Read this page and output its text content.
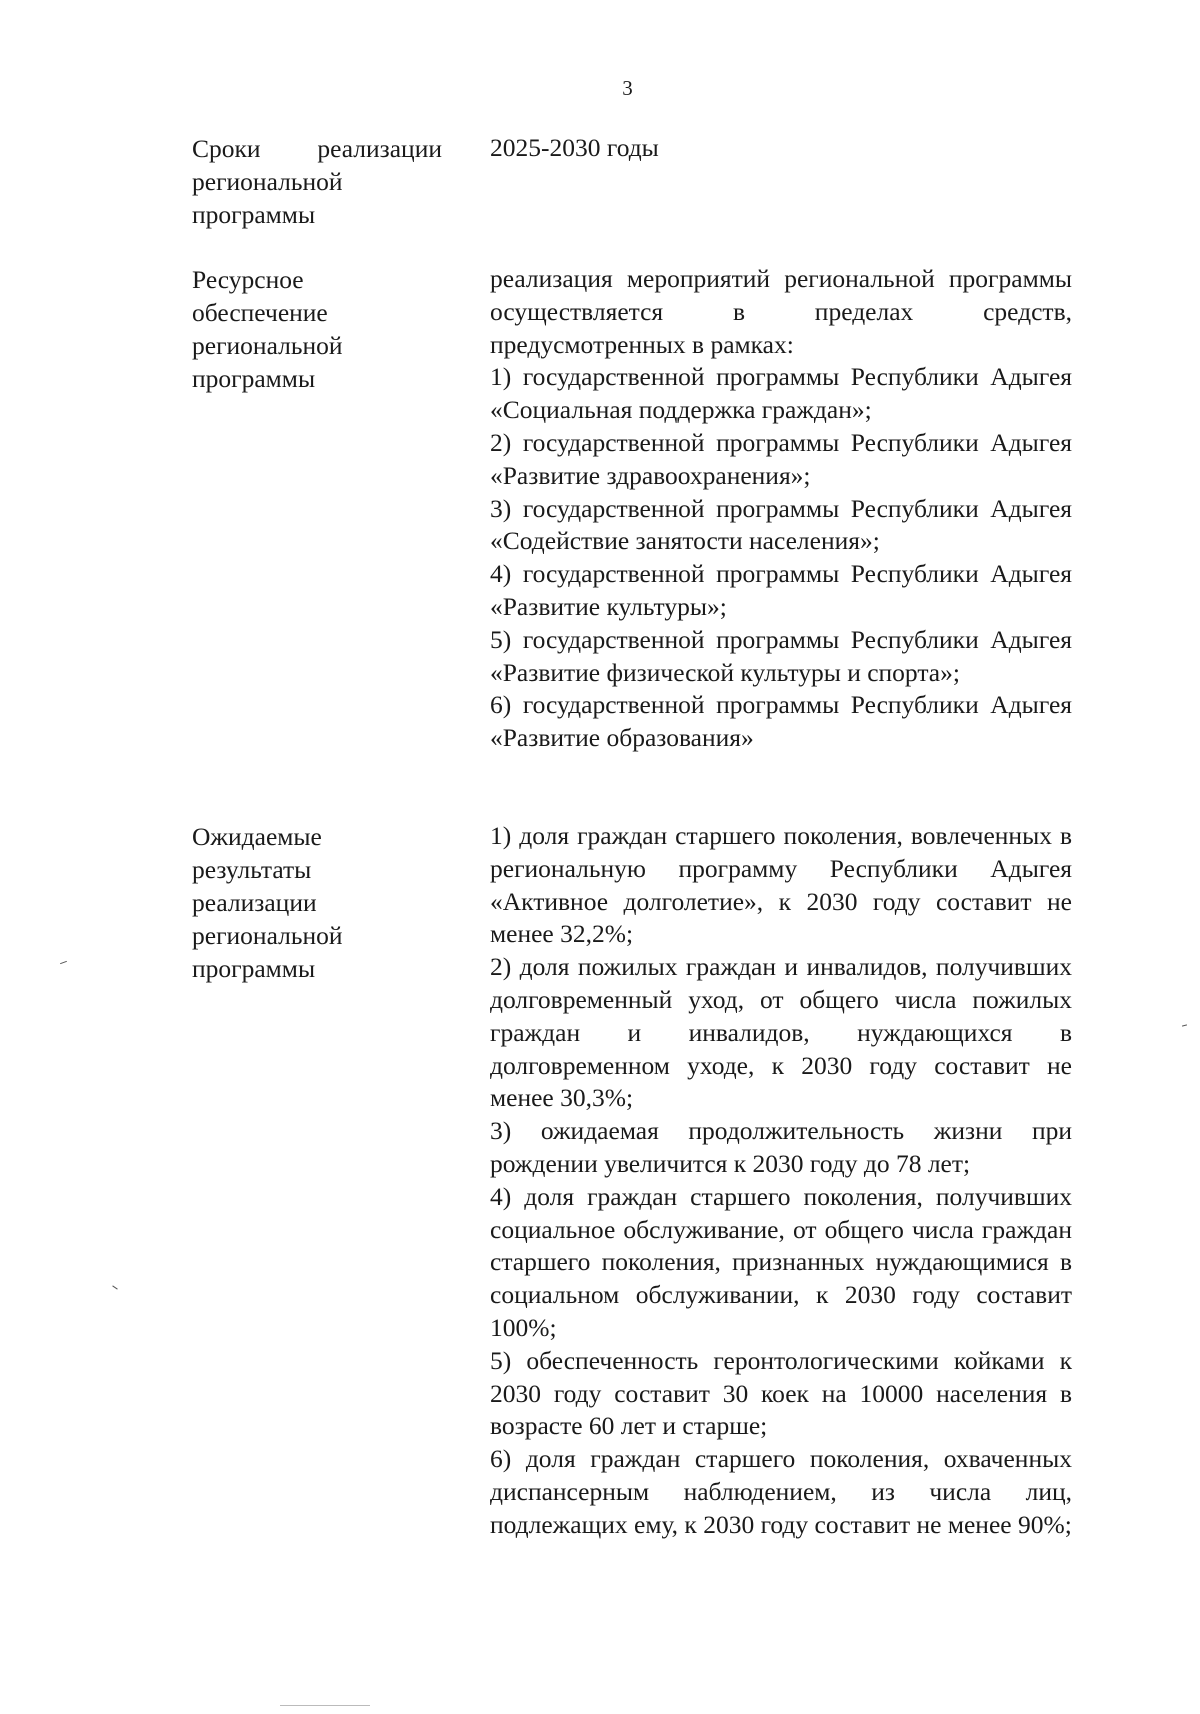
3
Сроки реализации
региональной
программы

2025-2030 годы

Ресурсное
обеспечение
региональной
программы

реализация мероприятий региональной программы осуществляется в пределах средств, предусмотренных в рамках:

1) государственной программы Республики Адыгея «Социальная поддержка граждан»;

2) государственной программы Республики Адыгея «Развитие здравоохранения»;

3) государственной программы Республики Адыгея «Содействие занятости населения»;

4) государственной программы Республики Адыгея «Развитие культуры»;

5) государственной программы Республики Адыгея «Развитие физической культуры и спорта»;

6) государственной программы Республики Адыгея «Развитие образования»

Ожидаемые
результаты
реализации
региональной
программы

1) доля граждан старшего поколения, вовлеченных в региональную программу Республики Адыгея «Активное долголетие», к 2030 году составит не менее 32,2%;

2) доля пожилых граждан и инвалидов, получивших долговременный уход, от общего числа пожилых граждан и инвалидов, нуждающихся в долговременном уходе, к 2030 году составит не менее 30,3%;

3) ожидаемая продолжительность жизни при рождении увеличится к 2030 году до 78 лет;

4) доля граждан старшего поколения, получивших социальное обслуживание, от общего числа граждан старшего поколения, признанных нуждающимися в социальном обслуживании, к 2030 году составит 100%;

5) обеспеченность геронтологическими койками к 2030 году составит 30 коек на 10000 населения в возрасте 60 лет и старше;

6) доля граждан старшего поколения, охваченных диспансерным наблюдением, из числа лиц, подлежащих ему, к 2030 году составит не менее 90%;
